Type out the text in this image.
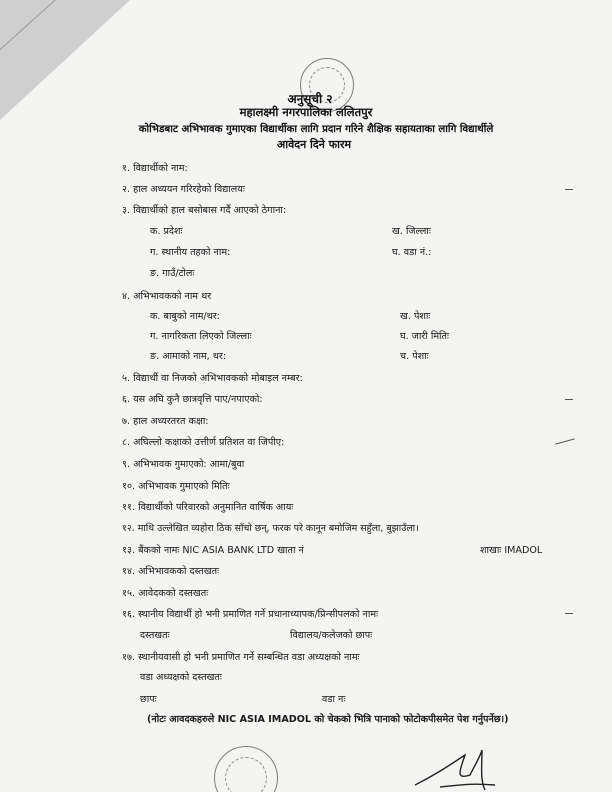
अनुसूची २
महालक्ष्मी नगरपालिका ललितपुर
कोभिडबाट अभिभावक गुमाएका विद्यार्थीका लागि प्रदान गरिने शैक्षिक सहायताका लागि विद्यार्थीले
आवेदन दिने फारम
१. विद्यार्थीको नाम:
२. हाल अध्ययन गरिरहेको विद्यालयः
३. विद्यार्थीको हाल बसोबास गर्दै आएको ठेगाना:
क. प्रदेशः	ख. जिल्लाः
ग. स्थानीय तहको नाम:	घ. वडा नं.:
ङ. गाउँ/टोलः
४. अभिभावकको नाम थर
क. बाबुको नाम/थर:	ख. पेशाः
ग. नागरिकता लिएको जिल्लाः	घ. जारी मितिः
ङ. आमाको नाम, थर:	च. पेशाः
५. विद्यार्थी वा निजको अभिभावकको मोबाइल नम्बर:
६. यस अघि कुनै छात्रवृत्ति पाए/नपाएको:
७. हाल अध्यरतरत कक्षा:
८. अघिल्लो कक्षाको उत्तीर्ण प्रतिशत वा जिपीए:
९. अभिभावक गुमाएको: आमा/बुवा
१०. अभिभावक गुमाएको मितिः
११. विद्यार्थीको परिवारको अनुमानित वार्षिक आयः
१२. माथि उल्लेखित व्यहोरा ठिक साँचो छन्, फरक परे कानून बमोजिम सहुँला, बुझाउँला।
१३. बैंकको नामः NIC ASIA BANK LTD खाता नं	शाखाः IMADOL
१४. अभिभावकको दस्तखतः
१५. आवेदकको दस्तखतः
१६. स्थानीय विद्यार्थी हो भनी प्रमाणित गर्ने प्रधानाध्यापक/प्रिन्सीपलको नामः
दस्तखतः	विद्यालय/कलेजको छापः
१७. स्थानीयवासी हो भनी प्रमाणित गर्ने सम्बन्धित वडा अध्यक्षको नामः
वडा अध्यक्षको दस्तखतः
छापः	वडा नः
(नोटः आवदकहरुले NIC ASIA IMADOL को चेकको भित्रि पानाको फोटोकपीसमेत पेश गर्नुपर्नेछ।)
